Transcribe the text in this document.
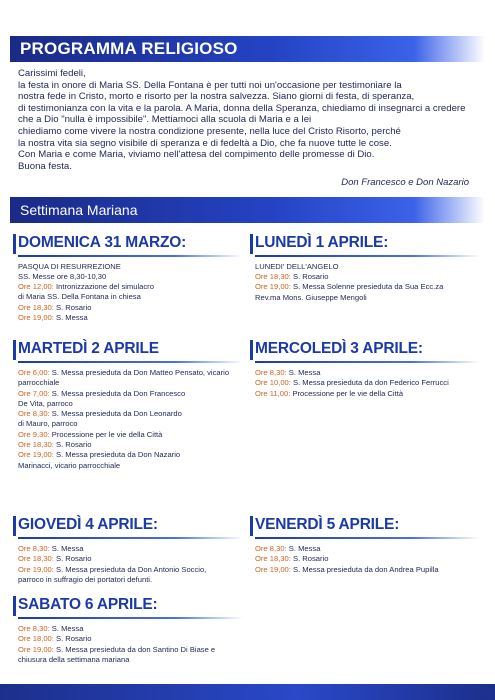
PROGRAMMA RELIGIOSO

Carissimi fedeli,

la festa in onore di Maria SS. Della Fontana è per tutti noi un'occasione per testimoniare la

nostra fede in Cristo, morto e risorto per la nostra salvezza. Siano giorni di festa, di speranza,

di testimonianza con la vita e la parola. A Maria, donna della Speranza, chiediamo di insegnarci a credere che a Dio "nulla è impossibile". Mettiamoci alla scuola di Maria e a lei

chiediamo come vivere la nostra condizione presente, nella luce del Cristo Risorto, perché

la nostra vita sia segno visibile di speranza e di fedeltà a Dio, che fa nuove tutte le cose.

Con Maria e come Maria, viviamo nell'attesa del compimento delle promesse di Dio.

Buona festa.

Don Francesco e Don Nazario
Settimana Mariana
DOMENICA 31 MARZO:
PASQUA DI RESURREZIONE
SS. Messe ore 8,30-10,30
Ore 12,00: Intronizzazione del simulacro
di Maria SS. Della Fontana in chiesa
Ore 18,30: S. Rosario
Ore 19,00: S. Messa
LUNEDÌ 1 APRILE:
LUNEDI' DELL'ANGELO
Ore 18,30: S. Rosario
Ore 19,00: S. Messa Solenne presieduta da Sua Ecc.za
Rev.ma Mons. Giuseppe Mengoli
MARTEDÌ 2 APRILE
Ore 6,00: S. Messa presieduta da Don Matteo Pensato, vicario parrocchiale
Ore 7,00: S. Messa presieduta da Don Francesco
De Vita, parroco
Ore 8,30: S. Messa presieduta da Don Leonardo
di Mauro, parroco
Ore 9,30: Processione per le vie della Città
Ore 18,30: S. Rosario
Ore 19,00: S. Messa presieduta da Don Nazario
Marinacci, vicario parrocchiale
MERCOLEDÌ 3 APRILE:
Ore 8,30: S. Messa
Ore 10,00: S. Messa presieduta da don Federico Ferrucci
Ore 11,00: Processione per le vie della Città
GIOVEDÌ 4 APRILE:
Ore 8,30: S. Messa
Ore 18,30: S. Rosario
Ore 19,00: S. Messa presieduta da Don Antonio Soccio,
parroco in suffragio dei portatori defunti.
VENERDÌ 5 APRILE:
Ore 8,30: S. Messa
Ore 18,30: S. Rosario
Ore 19,00: S. Messa presieduta da don Andrea Pupilla
SABATO 6 APRILE:
Ore 8,30: S. Messa
Ore 18,00: S. Rosario
Ore 19,00: S. Messa presieduta da don Santino Di Biase e
chiusura della settimana mariana
